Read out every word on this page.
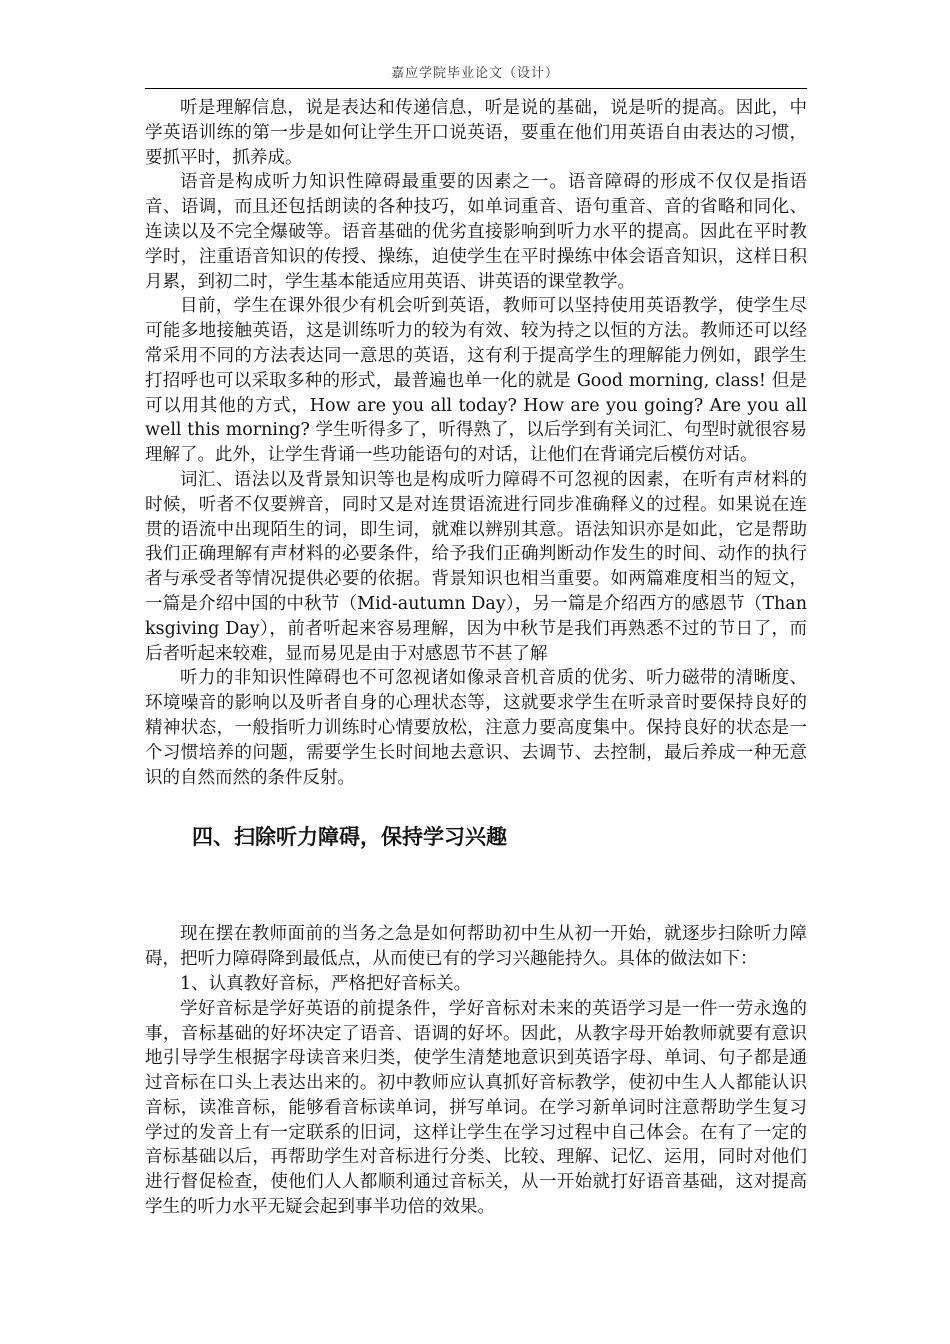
嘉应学院毕业论文（设计）

听是理解信息，说是表达和传递信息，听是说的基础，说是听的提高。因此，中学英语训练的第一步是如何让学生开口说英语，要重在他们用英语自由表达的习惯，要抓平时，抓养成。

语音是构成听力知识性障碍最重要的因素之一。语音障碍的形成不仅仅是指语音、语调，而且还包括朗读的各种技巧，如单词重音、语句重音、音的省略和同化、连读以及不完全爆破等。语音基础的优劣直接影响到听力水平的提高。因此在平时教学时，注重语音知识的传授、操练，迫使学生在平时操练中体会语音知识，这样日积月累，到初二时，学生基本能适应用英语、讲英语的课堂教学。

目前，学生在课外很少有机会听到英语，教师可以坚持使用英语教学，使学生尽可能多地接触英语，这是训练听力的较为有效、较为持之以恒的方法。教师还可以经常采用不同的方法表达同一意思的英语，这有利于提高学生的理解能力例如，跟学生打招呼也可以采取多种的形式，最普遍也单一化的就是 Good morning, class! 但是可以用其他的方式，How are you all today? How are you going? Are you all well this morning? 学生听得多了，听得熟了，以后学到有关词汇、句型时就很容易理解了。此外，让学生背诵一些功能语句的对话，让他们在背诵完后模仿对话。

词汇、语法以及背景知识等也是构成听力障碍不可忽视的因素，在听有声材料的时候，听者不仅要辨音，同时又是对连贯语流进行同步准确释义的过程。如果说在连贯的语流中出现陌生的词，即生词，就难以辨别其意。语法知识亦是如此，它是帮助我们正确理解有声材料的必要条件，给予我们正确判断动作发生的时间、动作的执行者与承受者等情况提供必要的依据。背景知识也相当重要。如两篇难度相当的短文，一篇是介绍中国的中秋节（Mid-autumn Day），另一篇是介绍西方的感恩节（Thanksgiving Day），前者听起来容易理解，因为中秋节是我们再熟悉不过的节日了，而后者听起来较难，显而易见是由于对感恩节不甚了解

听力的非知识性障碍也不可忽视诸如像录音机音质的优劣、听力磁带的清晰度、环境噪音的影响以及听者自身的心理状态等，这就要求学生在听录音时要保持良好的精神状态，一般指听力训练时心情要放松，注意力要高度集中。保持良好的状态是一个习惯培养的问题，需要学生长时间地去意识、去调节、去控制，最后养成一种无意识的自然而然的条件反射。

四、扫除听力障碍，保持学习兴趣

现在摆在教师面前的当务之急是如何帮助初中生从初一开始，就逐步扫除听力障碍，把听力障碍降到最低点，从而使已有的学习兴趣能持久。具体的做法如下：

1、认真教好音标，严格把好音标关。

学好音标是学好英语的前提条件，学好音标对未来的英语学习是一件一劳永逸的事，音标基础的好坏决定了语音、语调的好坏。因此，从教字母开始教师就要有意识地引导学生根据字母读音来归类，使学生清楚地意识到英语字母、单词、句子都是通过音标在口头上表达出来的。初中教师应认真抓好音标教学，使初中生人人都能认识音标，读准音标，能够看音标读单词，拼写单词。在学习新单词时注意帮助学生复习学过的发音上有一定联系的旧词，这样让学生在学习过程中自己体会。在有了一定的音标基础以后，再帮助学生对音标进行分类、比较、理解、记忆、运用，同时对他们进行督促检查，使他们人人都顺利通过音标关，从一开始就打好语音基础，这对提高学生的听力水平无疑会起到事半功倍的效果。
